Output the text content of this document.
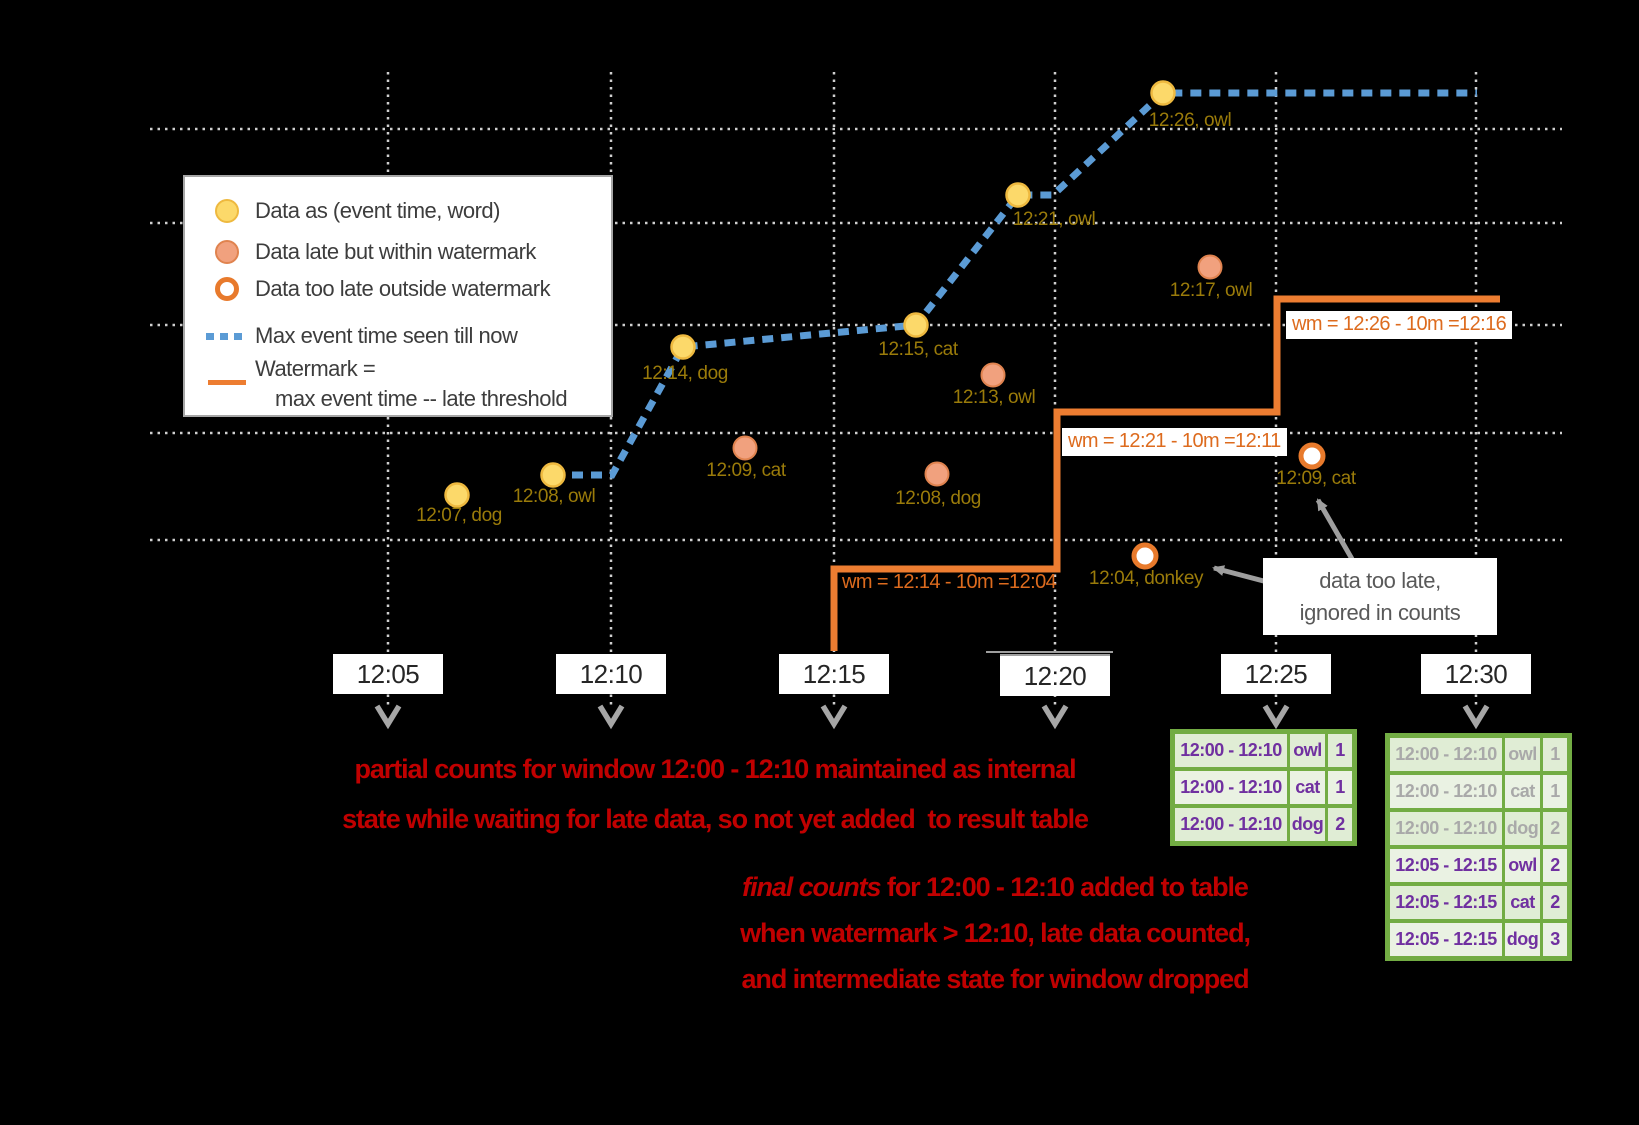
Data as (event time, word)
Data late but within watermark
Data too late outside watermark
Max event time seen till now
Watermark =
max event time -- late threshold
12:07, dog
12:08, owl
12:14, dog
12:15, cat
12:21, owl
12:26, owl
12:09, cat
12:08, dog
12:13, owl
12:17, owl
12:04, donkey
12:09, cat
wm = 12:14 - 10m =12:04
wm = 12:21 - 10m =12:11
wm = 12:26 - 10m =12:16
12:05	12:10	12:15	12:20	12:25	12:30
12:00 - 12:10 owl 1
12:00 - 12:10 cat 1
12:00 - 12:10 dog 2
12:00 - 12:10 owl 1
12:00 - 12:10 cat 1
12:00 - 12:10 dog 2
12:05 - 12:15 owl 2
12:05 - 12:15 cat 2
12:05 - 12:15 dog 3
data too late,
ignored in counts
partial counts for window 12:00 - 12:10 maintained as internal
state while waiting for late data, so not yet added  to result table
final counts for 12:00 - 12:10 added to table
when watermark > 12:10, late data counted,
and intermediate state for window dropped
